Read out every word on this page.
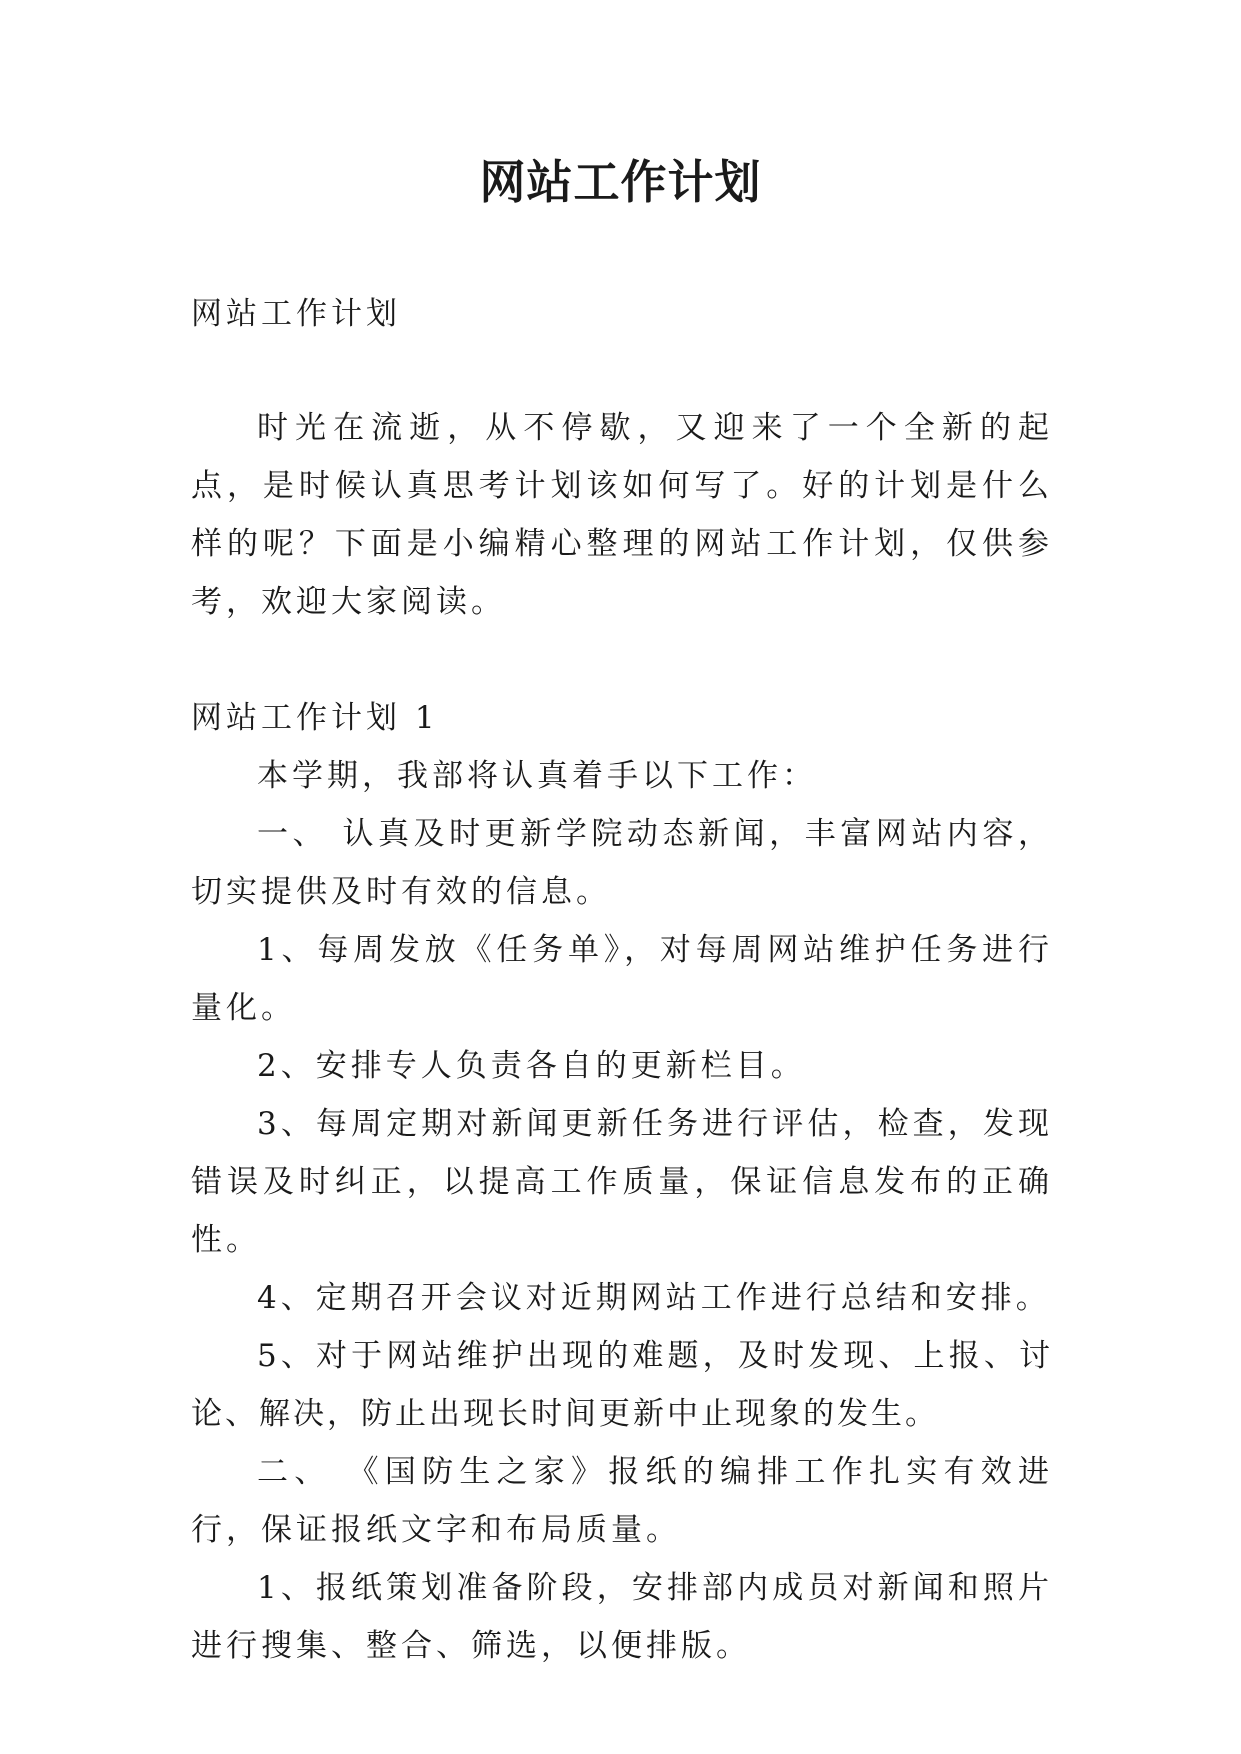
网站工作计划

网站工作计划

时光在流逝，从不停歇，又迎来了一个全新的起点，是时候认真思考计划该如何写了。好的计划是什么样的呢？下面是小编精心整理的网站工作计划，仅供参考，欢迎大家阅读。

网站工作计划 1

本学期，我部将认真着手以下工作：

一、 认真及时更新学院动态新闻，丰富网站内容，切实提供及时有效的信息。

1、每周发放《任务单》，对每周网站维护任务进行量化。

2、安排专人负责各自的更新栏目。

3、每周定期对新闻更新任务进行评估，检查，发现错误及时纠正，以提高工作质量，保证信息发布的正确性。

4、定期召开会议对近期网站工作进行总结和安排。

5、对于网站维护出现的难题，及时发现、上报、讨论、解决，防止出现长时间更新中止现象的发生。

二、 《国防生之家》报纸的编排工作扎实有效进行，保证报纸文字和布局质量。

1、报纸策划准备阶段，安排部内成员对新闻和照片进行搜集、整合、筛选，以便排版。
